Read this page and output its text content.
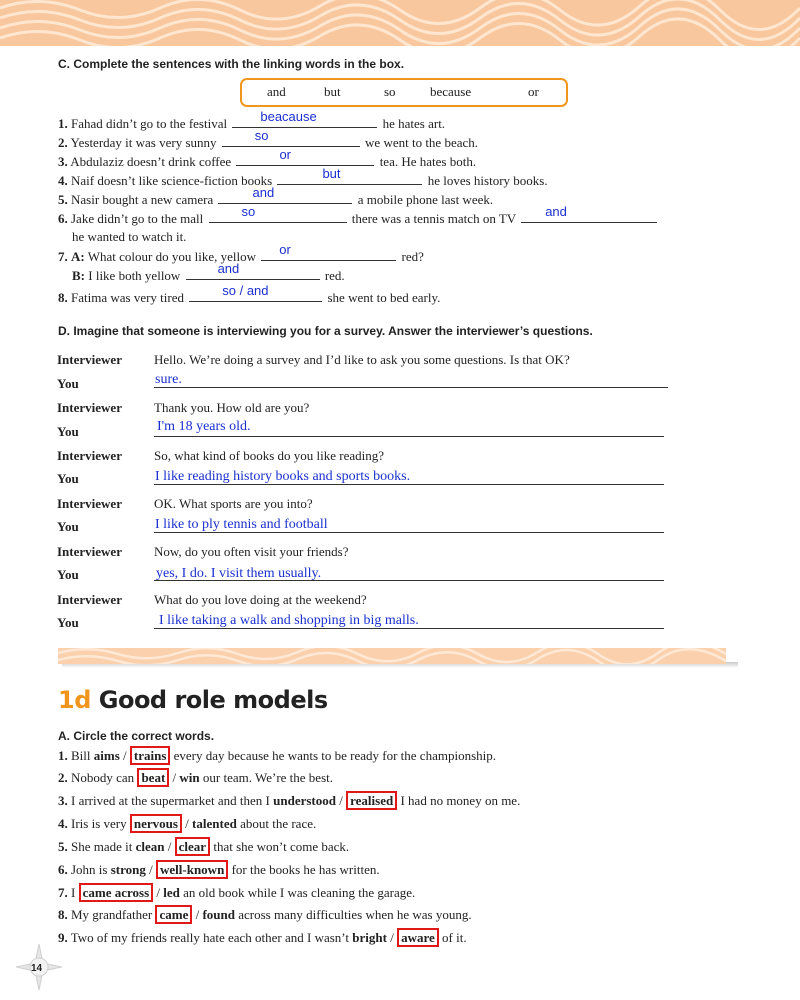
C. Complete the sentences with the linking words in the box.
and	but	so	because	or
1. Fahad didn’t go to the festival	beacause	he hates art.
2. Yesterday it was very sunny	so	we went to the beach.
3. Abdulaziz doesn’t drink coffee	or	tea. He hates both.
4. Naif doesn’t like science-fiction books	but	he loves history books.
5. Nasir bought a new camera	and	a mobile phone last week.
6. Jake didn’t go to the mall	so	there was a tennis match on TV and
he wanted to watch it.
7. A: What colour do you like, yellow or	red?
B: I like both yellow	and	red.
8. Fatima was very tired	so / and	she went to bed early.
D. Imagine that someone is interviewing you for a survey. Answer the interviewer’s questions.
Interviewer Hello. We’re doing a survey and I’d like to ask you some questions. Is that OK?
You	sure.
Interviewer Thank you. How old are you?
You	I'm 18 years old.
Interviewer So, what kind of books do you like reading?
You	I like reading history books and sports books.
Interviewer OK. What sports are you into?
You	I like to ply tennis and football
Interviewer Now, do you often visit your friends?
You	yes, I do. I visit them usually.
Interviewer What do you love doing at the weekend?
You	I like taking a walk and shopping in big malls.
1d Good role models
A. Circle the correct words.
1. Bill aims / trains every day because he wants to be ready for the championship.
2. Nobody can beat / win our team. We’re the best.
3. I arrived at the supermarket and then I understood / realised I had no money on me.
4. Iris is very nervous / talented about the race.
5. She made it clean / clear that she won’t come back.
6. John is strong / well-known for the books he has written.
7. I came across / led an old book while I was cleaning the garage.
8. My grandfather came / found across many difficulties when he was young.
9. Two of my friends really hate each other and I wasn’t bright / aware of it.
14
